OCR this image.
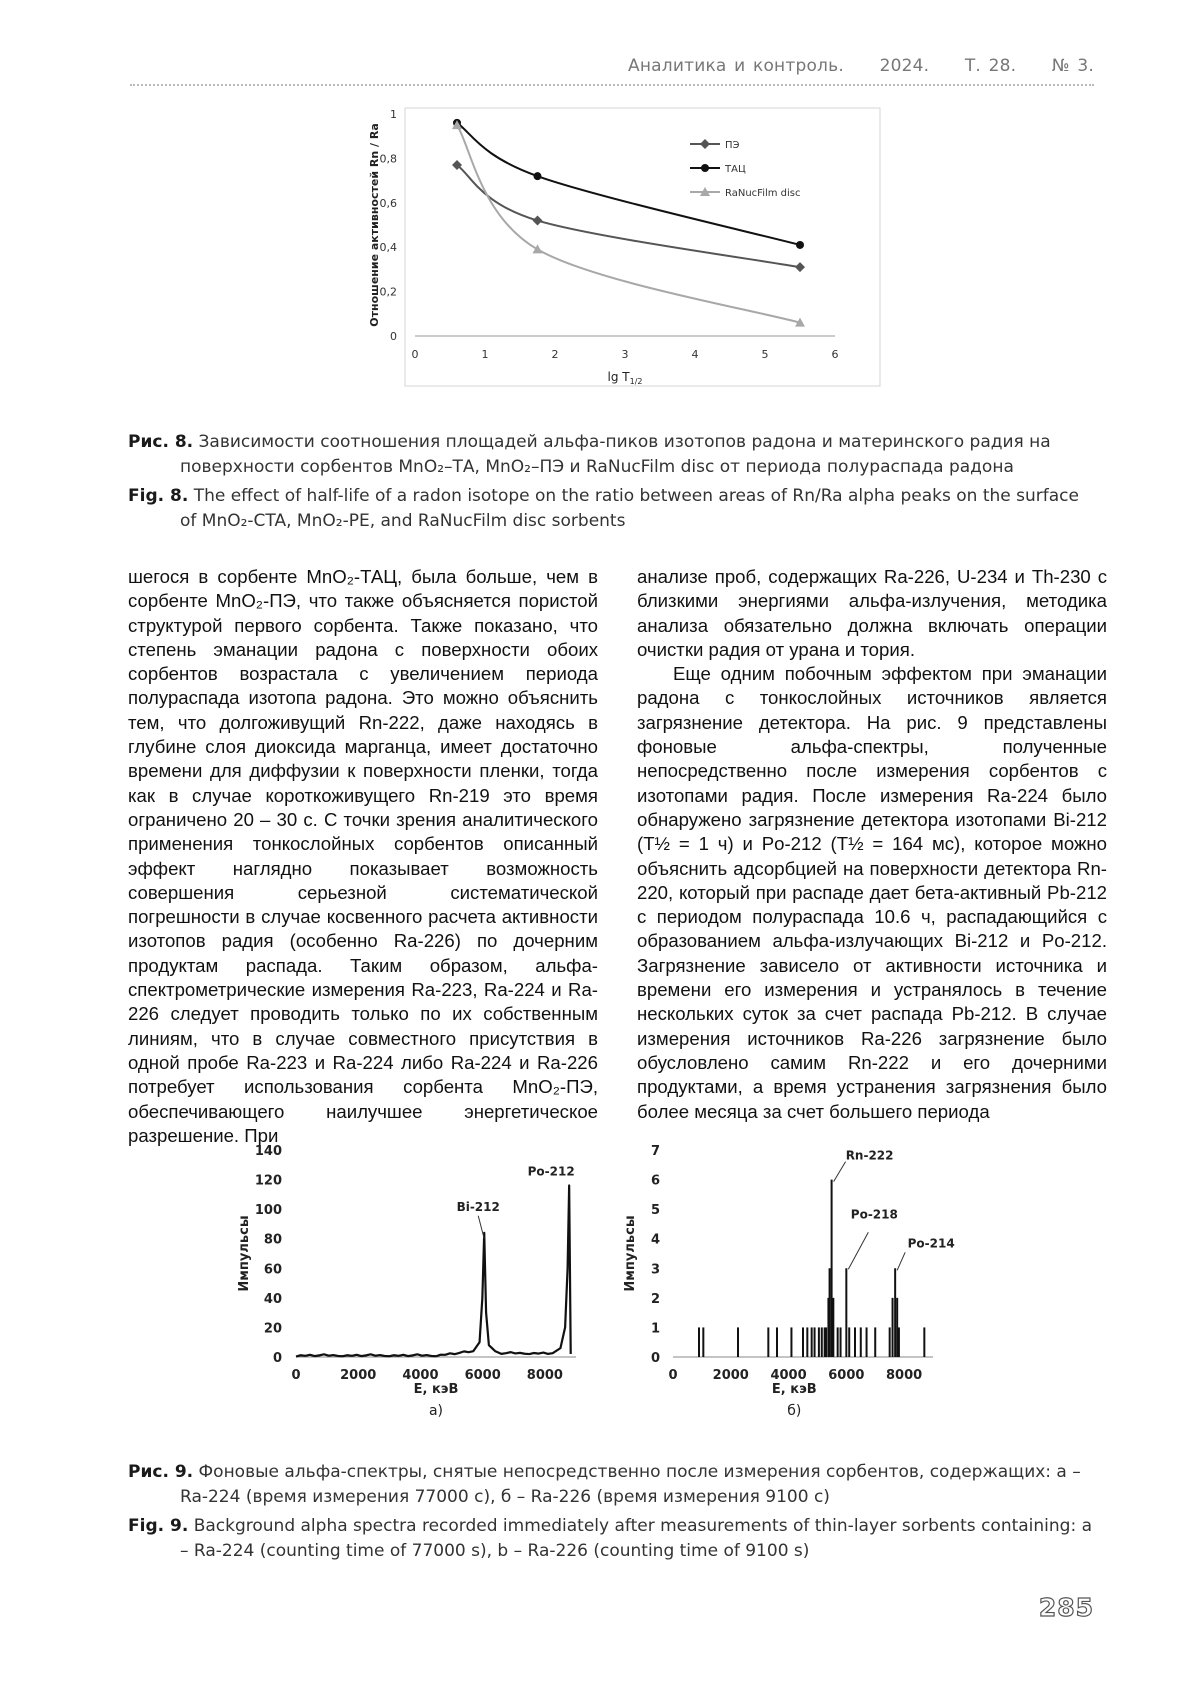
Аналитика и контроль. 2024. Т. 28. № 3.
0	1	2	3	4	5	6
0
0,2
0,4
0,6
0,8
1
$\lg T_{1/2}$
Отношение активностей Rn / Ra	ПЭ
ТАЦ
RaNucFilm disc
Рис. 8. Зависимости соотношения площадей альфа-пиков изотопов радона и материнского радия на поверхности сорбентов MnO₂–ТА, MnO₂–ПЭ и RaNucFilm disc от периода полураспада радона
Fig. 8. The effect of half-life of a radon isotope on the ratio between areas of Rn/Ra alpha peaks on the surface of MnO₂-CTA, MnO₂-PE, and RaNucFilm disc sorbents

шегося в сорбенте MnO₂-ТАЦ, была больше, чем в сорбенте MnO₂-ПЭ, что также объясняется пористой структурой первого сорбента. Также показано, что степень эманации радона с поверхности обоих сорбентов возрастала с увеличением периода полураспада изотопа радона. Это можно объяснить тем, что долгоживущий Rn-222, даже находясь в глубине слоя диоксида марганца, имеет достаточно времени для диффузии к поверхности пленки, тогда как в случае короткоживущего Rn-219 это время ограничено 20 – 30 с. С точки зрения аналитического применения тонкослойных сорбентов описанный эффект наглядно показывает возможность совершения серьезной систематической погрешности в случае косвенного расчета активности изотопов радия (особенно Ra-226) по дочерним продуктам распада. Таким образом, альфа-спектрометрические измерения Ra-223, Ra-224 и Ra-226 следует проводить только по их собственным линиям, что в случае совместного присутствия в одной пробе Ra-223 и Ra-224 либо Ra-224 и Ra-226 потребует использования сорбента MnO₂-ПЭ, обеспечивающего наилучшее энергетическое разрешение. При

анализе проб, содержащих Ra-226, U-234 и Th-230 с близкими энергиями альфа-излучения, методика анализа обязательно должна включать операции очистки радия от урана и тория.

Еще одним побочным эффектом при эманации радона с тонкослойных источников является загрязнение детектора. На рис. 9 представлены фоновые альфа-спектры, полученные непосредственно после измерения сорбентов с изотопами радия. После измерения Ra-224 было обнаружено загрязнение детектора изотопами Bi-212 (T½ = 1 ч) и Po-212 (T½ = 164 мс), которое можно объяснить адсорбцией на поверхности детектора Rn-220, который при распаде дает бета-активный Pb-212 с периодом полураспада 10.6 ч, распадающийся с образованием альфа-излучающих Bi-212 и Po-212. Загрязнение зависело от активности источника и времени его измерения и устранялось в течение нескольких суток за счет распада Pb-212. В случае измерения источников Ra-226 загрязнение было обусловлено самим Rn-222 и его дочерними продуктами, а время устранения загрязнения было более месяца за счет большего периода

0
20
40
60
80
100
120
140
0	2000 4000 6000 8000
E, кэВ
Импульсы
а)
Bi-212
Po-212
0
1
2
3
4
5
6
7
0	2000 4000 6000 8000
E, кэВ
Импульсы
б)
Rn-222
Po-218
Po-214
Рис. 9. Фоновые альфа-спектры, снятые непосредственно после измерения сорбентов, содержащих: а – Ra-224 (время измерения 77000 с), б – Ra-226 (время измерения 9100 с)
Fig. 9. Background alpha spectra recorded immediately after measurements of thin-layer sorbents containing: a – Ra-224 (counting time of 77000 s), b – Ra-226 (counting time of 9100 s)
285
